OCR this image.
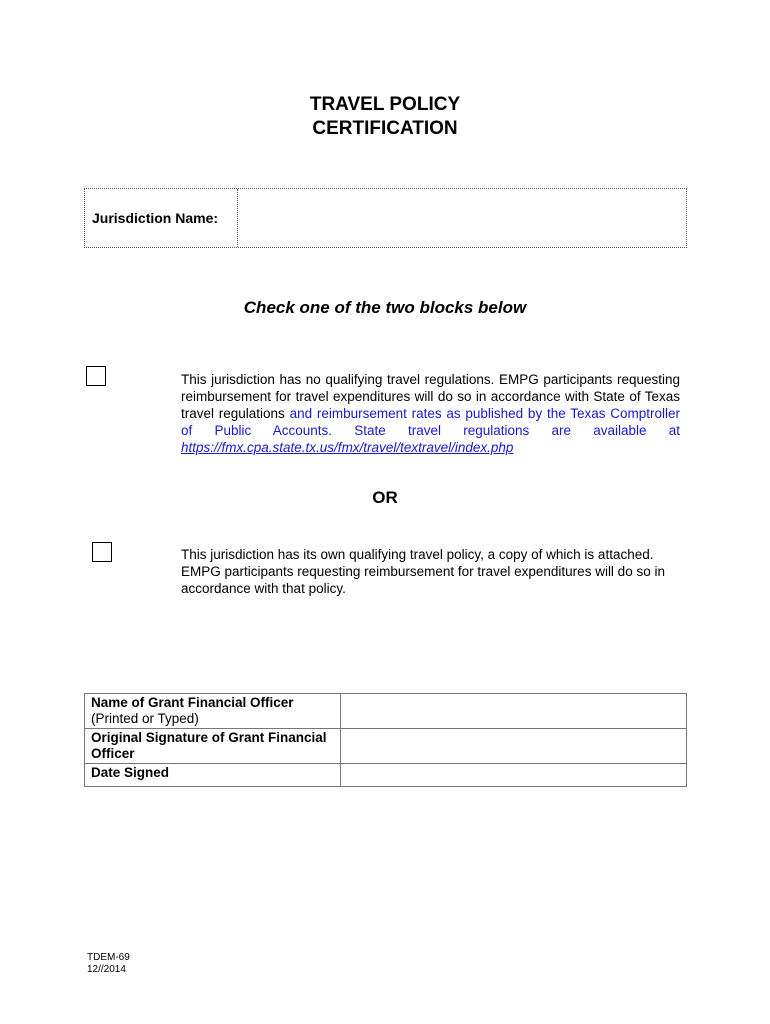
TRAVEL POLICY
CERTIFICATION
Jurisdiction Name:
Check one of the two blocks below
This jurisdiction has no qualifying travel regulations. EMPG participants requesting reimbursement for travel expenditures will do so in accordance with State of Texas travel regulations and reimbursement rates as published by the Texas Comptroller of Public Accounts. State travel regulations are available at https://fmx.cpa.state.tx.us/fmx/travel/textravel/index.php
OR
This jurisdiction has its own qualifying travel policy, a copy of which is attached. EMPG participants requesting reimbursement for travel expenditures will do so in accordance with that policy.
Name of Grant Financial Officer
(Printed or Typed)	

Original Signature of Grant Financial Officer	
Date Signed	
TDEM-69
12//2014
